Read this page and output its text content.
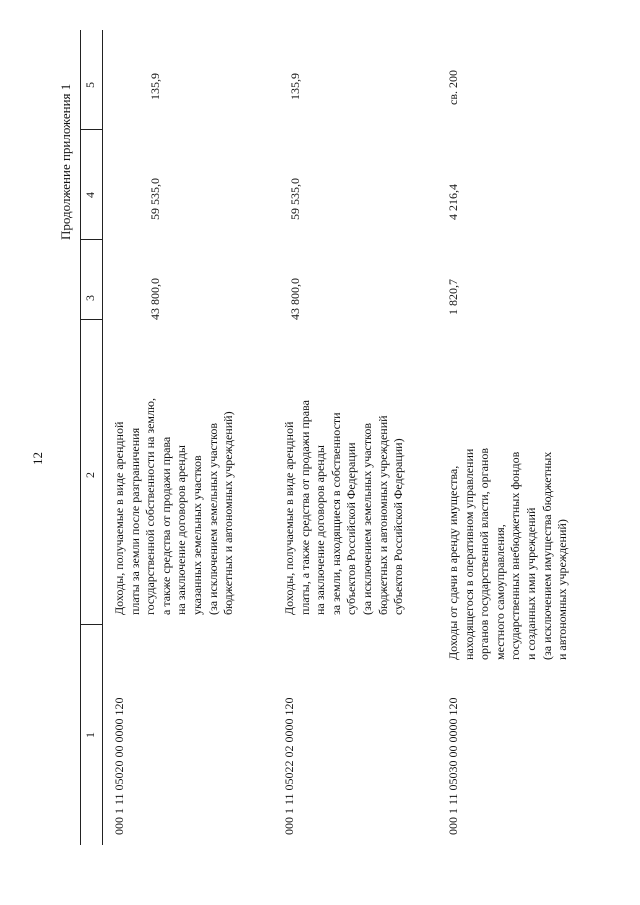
12
Продолжение приложения 1
1
2
3
4
5
000 1 11 05020 00 0000 120
Доходы, получаемые в виде арендной платы за земли после разграничения государственной собственности на землю, а также средства от продажи права на заключение договоров аренды указанных земельных участков (за исключением земельных участков бюджетных и автономных учреждений)
43 800,0
59 535,0
135,9
000 1 11 05022 02 0000 120
Доходы, получаемые в виде арендной платы, а также средства от продажи права на заключение договоров аренды за земли, находящиеся в собственности субъектов Российской Федерации (за исключением земельных участков бюджетных и автономных учреждений субъектов Российской Федерации)
43 800,0
59 535,0
135,9
000 1 11 05030 00 0000 120
Доходы от сдачи в аренду имущества, находящегося в оперативном управлении органов государственной власти, органов местного самоуправления, государственных внебюджетных фондов и созданных ими учреждений (за исключением имущества бюджетных и автономных учреждений)
1 820,7
4 216,4
св. 200
